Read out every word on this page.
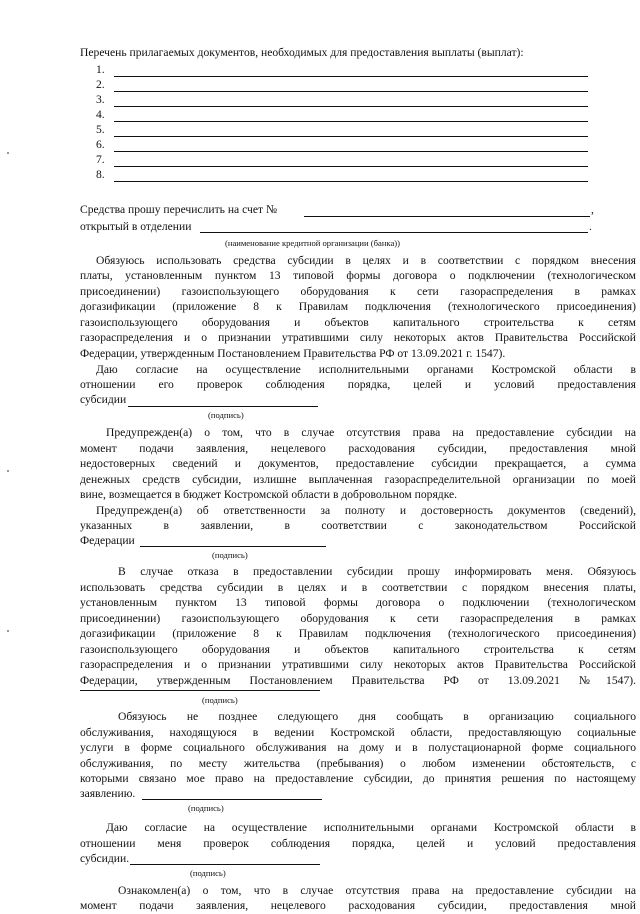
Перечень прилагаемых документов, необходимых для предоставления выплаты (выплат):
1.
2.
3.
4.
5.
6.
7.
8.
Средства прошу перечислить на счет №	,
открытый в отделении	.
(наименование кредитной организации (банка))
Обязуюсь использовать средства субсидии в целях и в соответствии с порядком внесения
платы, установленным пунктом 13 типовой формы договора о подключении (технологическом
присоединении) газоиспользующего оборудования к сети газораспределения в рамках
догазификации (приложение 8 к Правилам подключения (технологического присоединения)
газоиспользующего оборудования и объектов капитального строительства к сетям
газораспределения и о признании утратившими силу некоторых актов Правительства Российской
Федерации, утвержденным Постановлением Правительства РФ от 13.09.2021 г. 1547).
Даю согласие на осуществление исполнительными органами Костромской области в
отношении его проверок соблюдения порядка, целей и условий предоставления
субсидии
(подпись)
Предупрежден(а) о том, что в случае отсутствия права на предоставление субсидии на
момент подачи заявления, нецелевого расходования субсидии, предоставления мной
недостоверных сведений и документов, предоставление субсидии прекращается, а сумма
денежных средств субсидии, излишне выплаченная газораспределительной организации по моей
вине, возмещается в бюджет Костромской области в добровольном порядке.
Предупрежден(а) об ответственности за полноту и достоверность документов (сведений),
указанных в заявлении, в соответствии с законодательством Российской
Федерации
(подпись)
В случае отказа в предоставлении субсидии прошу информировать меня. Обязуюсь
использовать средства субсидии в целях и в соответствии с порядком внесения платы,
установленным пунктом 13 типовой формы договора о подключении (технологическом
присоединении) газоиспользующего оборудования к сети газораспределения в рамках
догазификации (приложение 8 к Правилам подключения (технологического присоединения)
газоиспользующего оборудования и объектов капитального строительства к сетям
газораспределения и о признании утратившими силу некоторых актов Правительства Российской
Федерации, утвержденным Постановлением Правительства РФ от 13.09.2021 №1547).
(подпись)
Обязуюсь не позднее следующего дня сообщать в организацию социального
обслуживания, находящуюся в ведении Костромской области, предоставляющую социальные
услуги в форме социального обслуживания на дому и в полустационарной форме социального
обслуживания, по месту жительства (пребывания) о любом изменении обстоятельств, с
которыми связано мое право на предоставление субсидии, до принятия решения по настоящему
заявлению.
(подпись)
Даю согласие на осуществление исполнительными органами Костромской области в
отношении меня проверок соблюдения порядка, целей и условий предоставления
субсидии.
(подпись)
Ознакомлен(а) о том, что в случае отсутствия права на предоставление субсидии на
момент подачи заявления, нецелевого расходования субсидии, предоставления мной
